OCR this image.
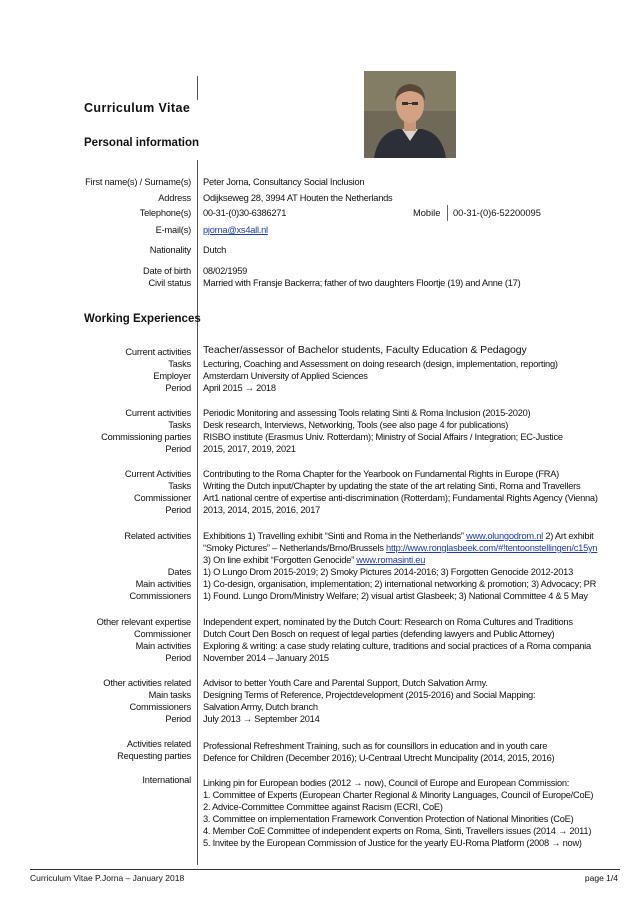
Curriculum Vitae
Personal information
First name(s) / Surname(s) Peter Jorna, Consultancy Social Inclusion
Address Odijkseweg 28, 3994 AT Houten the Netherlands
Telephone(s) 00-31-(0)30-6386271	Mobile 00-31-(0)6-52200095
E-mail(s) pjorna@xs4all.nl
Nationality Dutch
Date of birth 08/02/1959
Civil status Married with Fransje Backerra; father of two daughters Floortje (19) and Anne (17)
Working Experiences
Current activities
Tasks
Employer
Period
Teacher/assessor of Bachelor students, Faculty Education & Pedagogy
Lecturing, Coaching and Assessment on doing research (design, implementation, reporting)
Amsterdam University of Applied Sciences
April 2015 → 2018
Current activities
Tasks
Commissioning parties
Period
Periodic Monitoring and assessing Tools relating Sinti & Roma Inclusion (2015-2020)
Desk research, Interviews, Networking, Tools (see also page 4 for publications)
RISBO institute (Erasmus Univ. Rotterdam); Ministry of Social Affairs / Integration; EC-Justice
2015, 2017, 2019, 2021
Current Activities
Tasks
Commissioner
Period
Contributing to the Roma Chapter for the Yearbook on Fundamental Rights in Europe (FRA)
Writing the Dutch input/Chapter by updating the state of the art relating Sinti, Roma and Travellers
Art1 national centre of expertise anti-discrimination (Rotterdam); Fundamental Rights Agency (Vienna)
2013, 2014, 2015, 2016, 2017
Related activities Exhibitions 1) Travelling exhibit “Sinti and Roma in the Netherlands” www.olungodrom.nl 2) Art exhibit
“Smoky Pictures” – Netherlands/Brno/Brussels http://www.ronglasbeek.com/#!tentoonstellingen/c15yn
3) On line exhibit “Forgotten Genocide” www.romasinti.eu
Dates
Main activities
Commissioners
1) O Lungo Drom 2015-2019; 2) Smoky Pictures 2014-2016; 3) Forgotten Genocide 2012-2013
1) Co-design, organisation, implementation; 2) international networking & promotion; 3) Advocacy; PR
1) Found. Lungo Drom/Ministry Welfare; 2) visual artist Glasbeek; 3) National Committee 4 & 5 May
Other relevant expertise
Commissioner
Main activities
Period
Independent expert, nominated by the Dutch Court: Research on Roma Cultures and Traditions
Dutch Court Den Bosch on request of legal parties (defending lawyers and Public Attorney)
Exploring & writing: a case study relating culture, traditions and social practices of a Roma compania
November 2014 – January 2015
Other activities related
Main tasks
Commissioners
Period
Advisor to better Youth Care and Parental Support, Dutch Salvation Army.
Designing Terms of Reference, Projectdevelopment (2015-2016) and Social Mapping:
Salvation Army, Dutch branch
July 2013 → September 2014
Activities related
Requesting parties
Professional Refreshment Training, such as for counsillors in education and in youth care
Defence for Children (December 2016); U-Centraal Utrecht Muncipality (2014, 2015, 2016)
International Linking pin for European bodies (2012 → now), Council of Europe and European Commission:
1. Committee of Experts (European Charter Regional & Minority Languages, Council of Europe/CoE)
2. Advice-Committee Committee against Racism (ECRI, CoE)
3. Committee on implementation Framework Convention Protection of National Minorities (CoE)
4. Member CoE Committee of independent experts on Roma, Sinti, Travellers issues (2014 → 2011)
5. Invitee by the European Commission of Justice for the yearly EU-Roma Platform (2008 → now)
Curriculum Vitae P.Jorna – January 2018	page 1/4
